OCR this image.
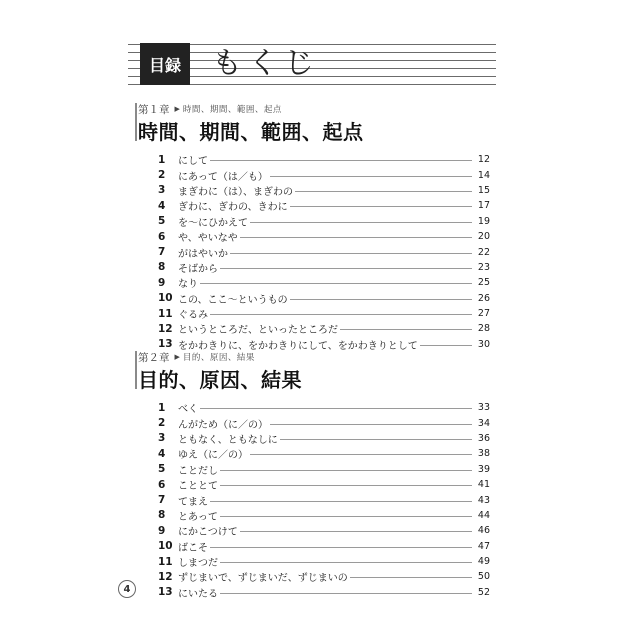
目録	もくじ
第１章 ▶ 時間、期間、範囲、起点
時間、期間、範囲、起点
1	にして	12
2	にあって（は／も）	14
3	まぎわに（は）、まぎわの	15
4	ぎわに、ぎわの、きわに	17
5	を〜にひかえて	19
6	や、やいなや	20
7	がはやいか	22
8	そばから	23
9	なり	25
10 この、ここ〜というもの	26
11 ぐるみ	27
12 というところだ、といったところだ	28
13 をかわきりに、をかわきりにして、をかわきりとして	30
第２章 ▶ 目的、原因、結果
目的、原因、結果
1	べく	33
2	んがため（に／の）	34
3	ともなく、ともなしに	36
4	ゆえ（に／の）	38
5	ことだし	39
6	こととて	41
7	てまえ	43
8	とあって	44
9	にかこつけて	46
10 ばこそ	47
11 しまつだ	49
12 ずじまいで、ずじまいだ、ずじまいの	50
13 にいたる	52
4
